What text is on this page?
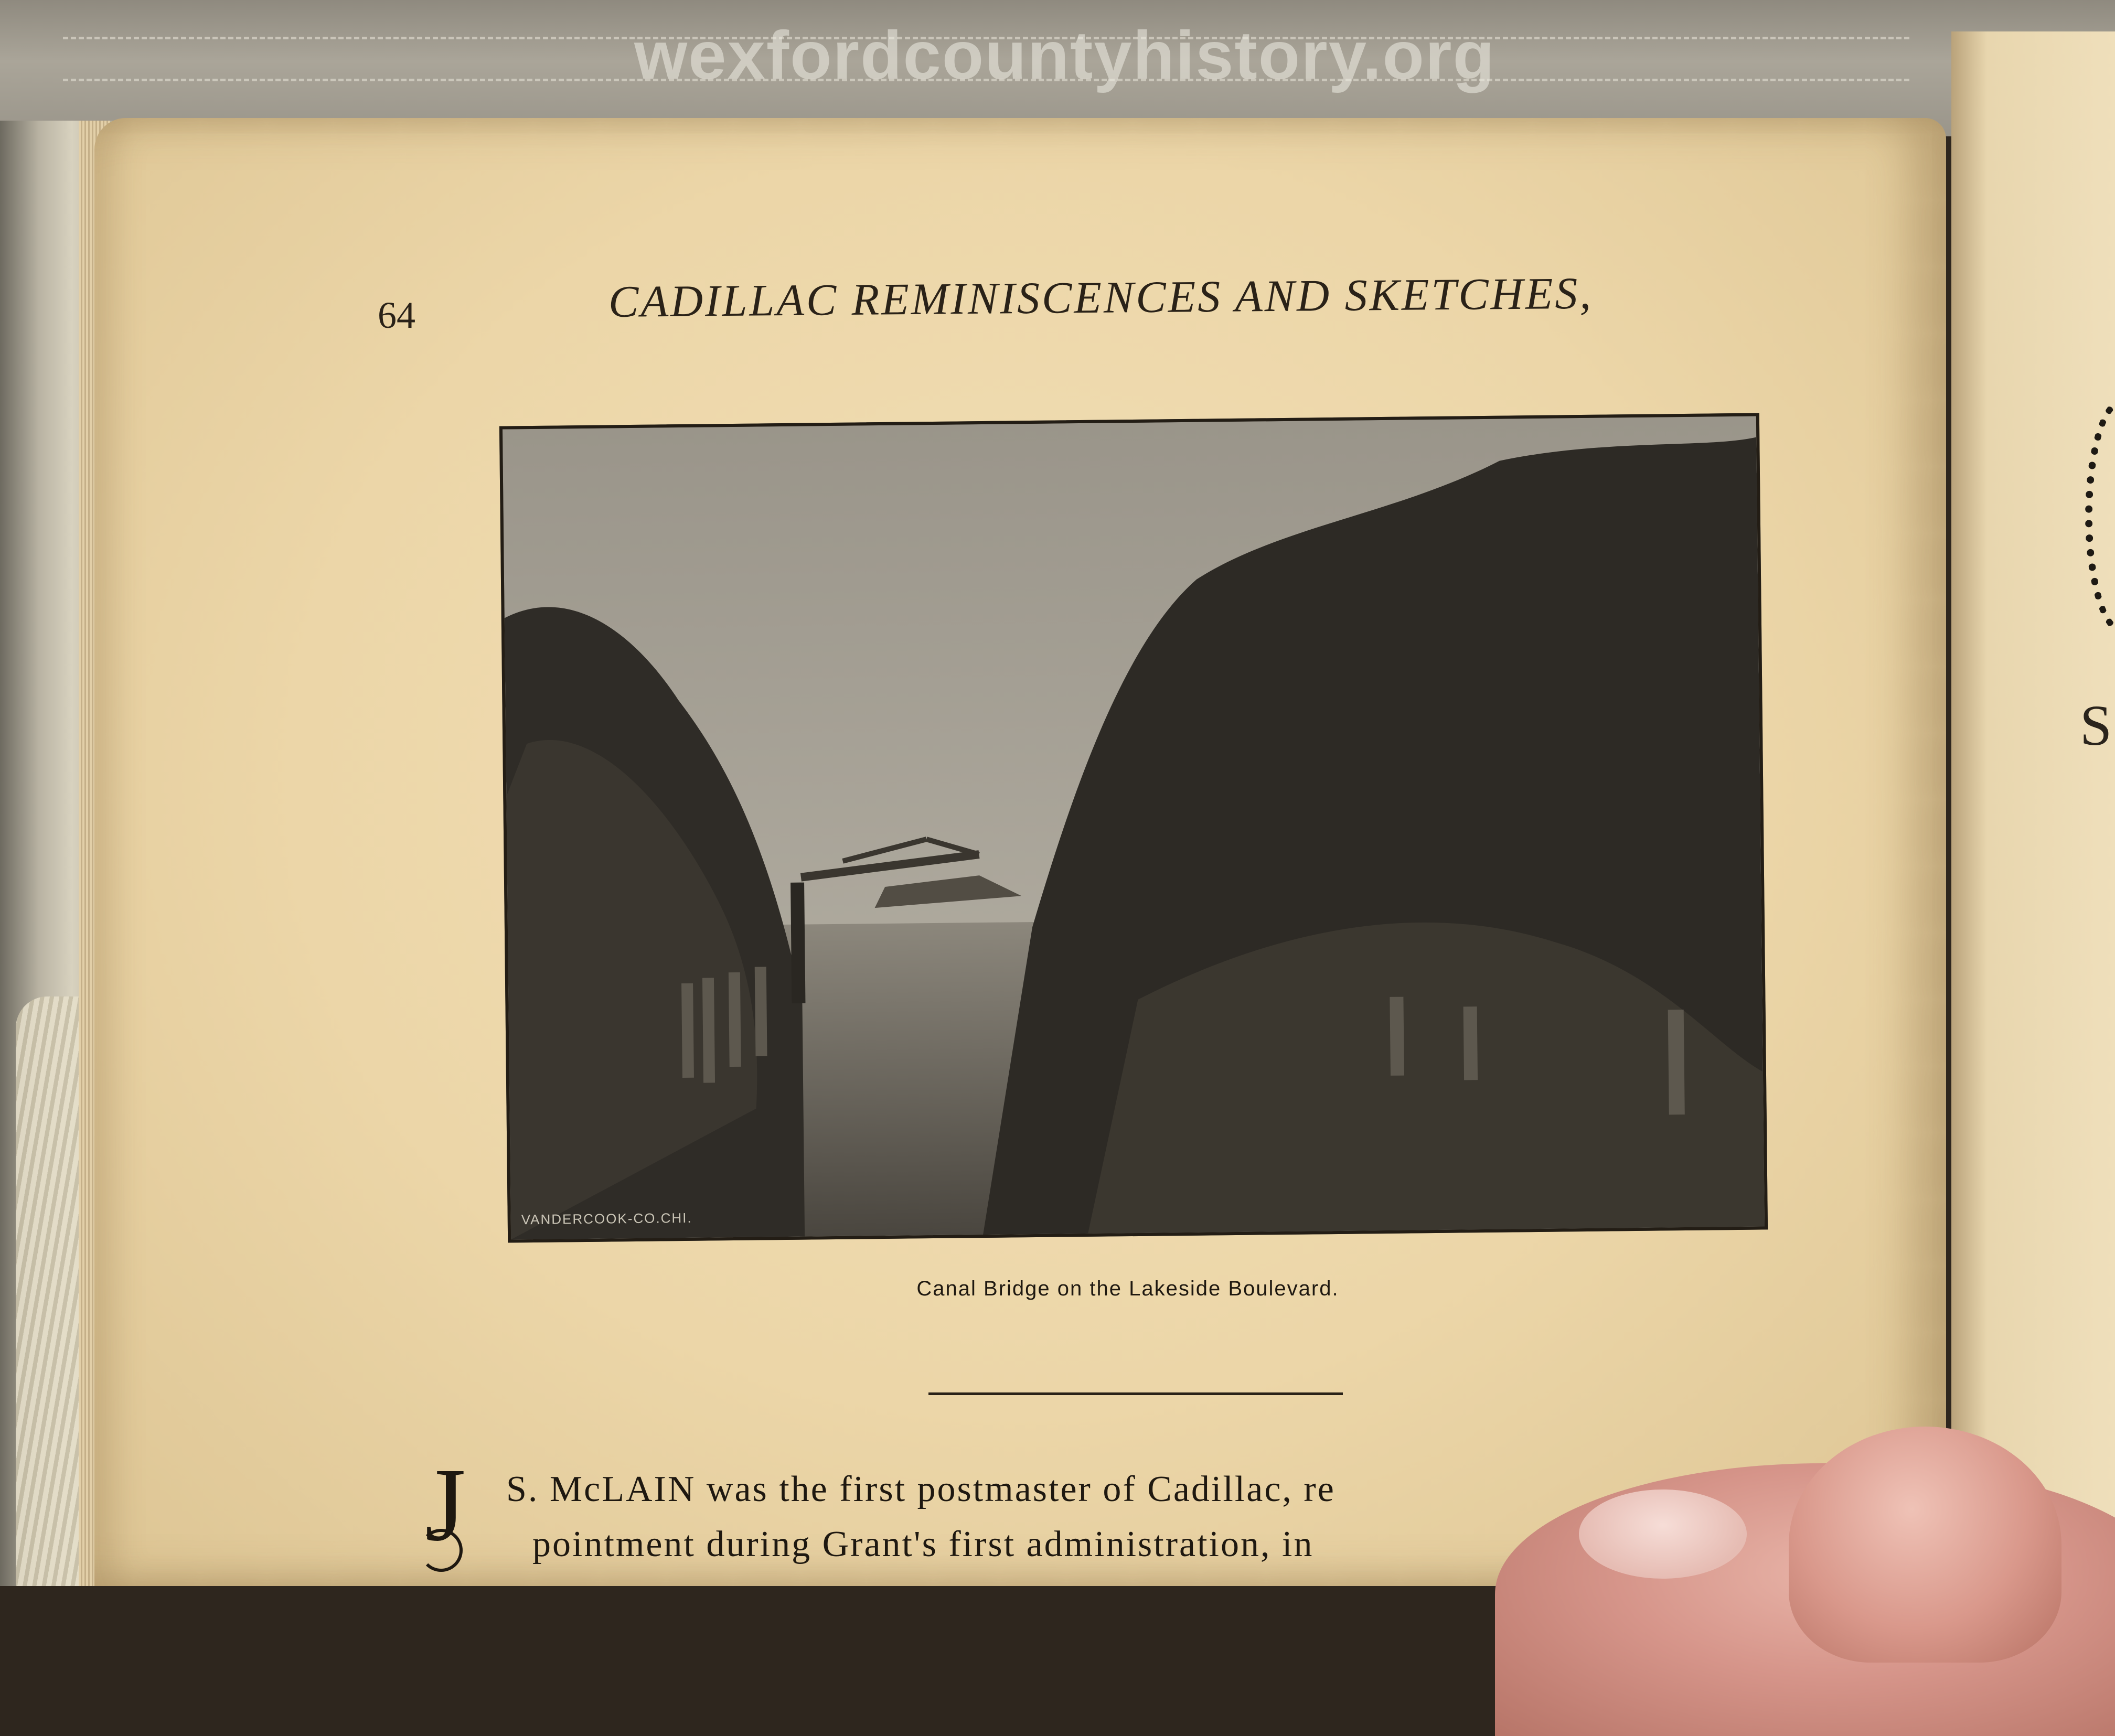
wexfordcountyhistory.org
S
64	CADILLAC REMINISCENCES AND SKETCHES,
VANDERCOOK-CO.CHI.
Canal Bridge on the Lakeside Boulevard.
J S. McLAIN was the first postmaster of Cadillac, re
pointment during Grant's first administration, in
